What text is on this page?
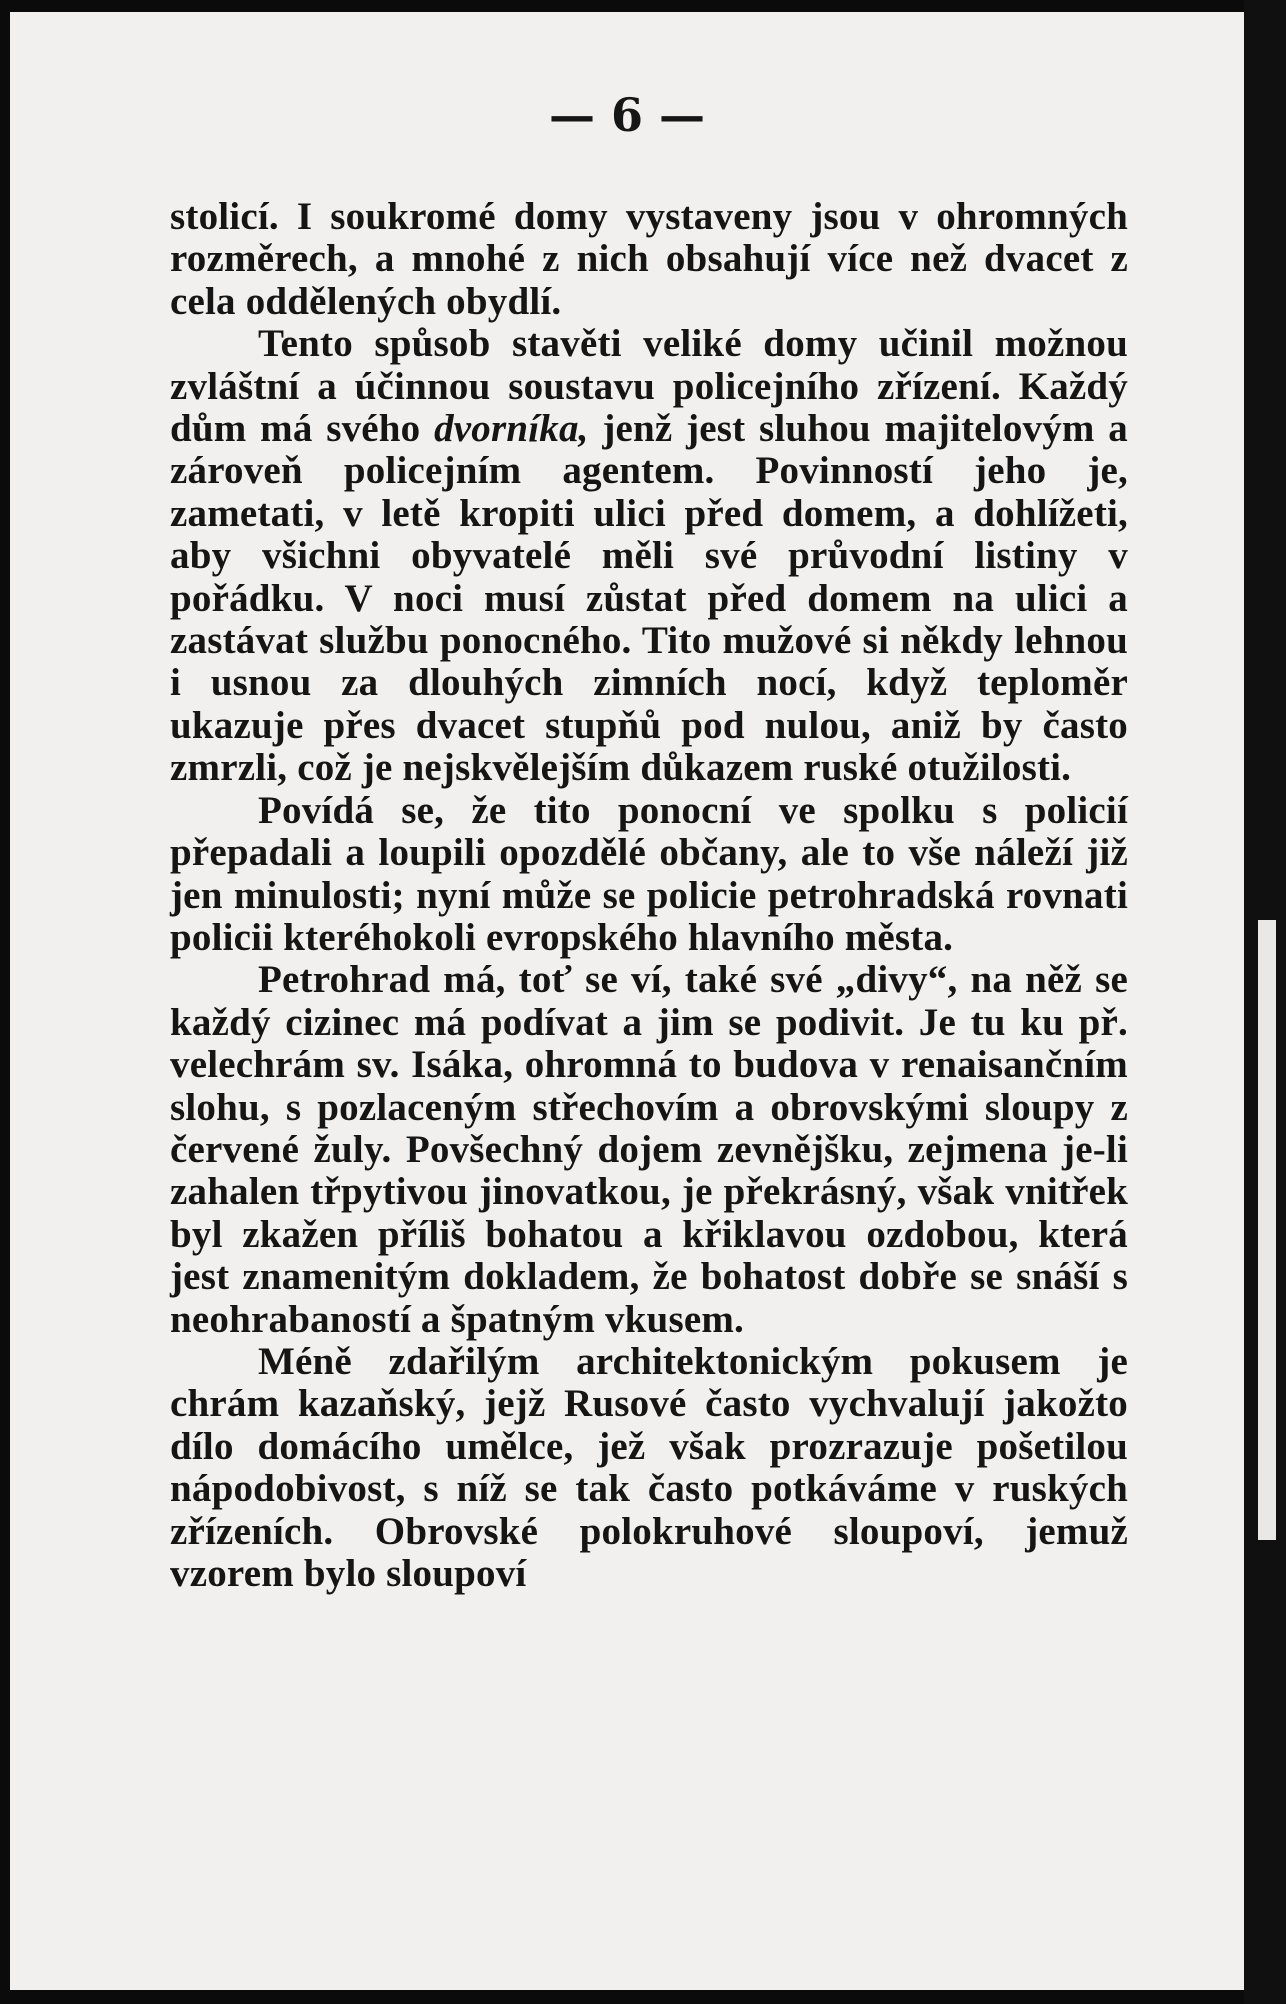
— 6 —

stolicí. I soukromé domy vystaveny jsou v ohromných rozměrech, a mnohé z nich obsahují více než dvacet z cela oddělených obydlí.

Tento spůsob stavěti veliké domy učinil možnou zvláštní a účinnou soustavu policejního zřízení. Každý dům má svého dvorníka, jenž jest sluhou majitelovým a zároveň policejním agentem. Povinností jeho je, zametati, v letě kropiti ulici před domem, a dohlížeti, aby všichni obyvatelé měli své průvodní listiny v pořádku. V noci musí zůstat před domem na ulici a zastávat službu ponocného. Tito mužové si někdy lehnou i usnou za dlouhých zimních nocí, když teploměr ukazuje přes dvacet stupňů pod nulou, aniž by často zmrzli, což je nejskvělejším důkazem ruské otužilosti.

Povídá se, že tito ponocní ve spolku s policií přepadali a loupili opozdělé občany, ale to vše náleží již jen minulosti; nyní může se policie petrohradská rovnati policii kteréhokoli evropského hlavního města.

Petrohrad má, toť se ví, také své „divy“, na něž se každý cizinec má podívat a jim se podivit. Je tu ku př. velechrám sv. Isáka, ohromná to budova v renaisančním slohu, s pozlaceným střechovím a obrovskými sloupy z červené žuly. Povšechný dojem zevnějšku, zejmena je-li zahalen třpytivou jinovatkou, je překrásný, však vnitřek byl zkažen příliš bohatou a křiklavou ozdobou, která jest znamenitým dokladem, že bohatost dobře se snáší s neohrabaností a špatným vkusem.

Méně zdařilým architektonickým pokusem je chrám kazaňský, jejž Rusové často vychvalují jakožto dílo domácího umělce, jež však prozrazuje pošetilou nápodobivost, s níž se tak často potkáváme v ruských zřízeních. Obrovské polokruhové sloupoví, jemuž vzorem bylo sloupoví
